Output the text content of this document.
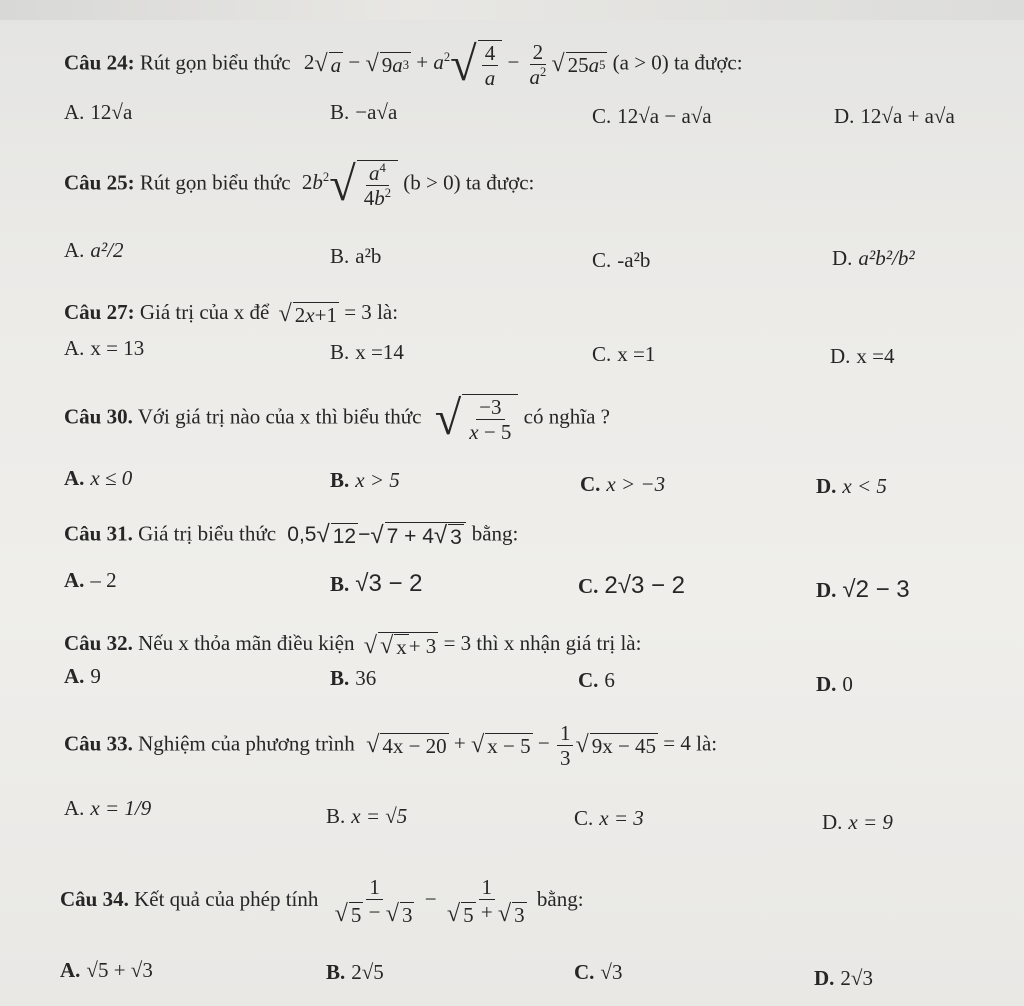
Câu 24: Rút gọn biểu thức 2 √ a − √ 9 a $3 + a^2$ √ $\frac{4}{a} - \frac{2}{a^2}$ √ 25 a 5 (a > 0) ta được:
A. 12√a	B. −a√a	C. 12√a − a√a	D. 12√a + a√a
Câu 25: Rút gọn biểu thức $2b^2$ √ $\frac{a^4}{4b^2} (b > 0)$ ta được:
A. a²/2	B. a²b	C. -a²b	D. a²b²/b²
Câu 27: Giá trị của x để √ 2 x +1 = 3 là:
A. x = 13	B. x =14	C. x =1	D. x =4
Câu 30. Với giá trị nào của x thì biểu thức √ $\frac{-3}{x - 5}$ có nghĩa ?
A. x ≤ 0	B. x > 5	C. x > −3	D. x < 5
Câu 31. Giá trị biểu thức 0,5 √ 12 − √ 7 + 4 √ 3 bằng:
A. – 2	B. √3 − 2	C. 2√3 − 2	D. √2 − 3
Câu 32. Nếu x thỏa mãn điều kiện √ √ x + 3 = 3 thì x nhận giá trị là:
A. 9	B. 36	C. 6	D. 0
Câu 33. Nghiệm của phương trình √ 4x − 20 + √ $x - 5 - \frac{1}{3}$ √ 9x − 45 = 4 là:
A. x = 1/9	B. x = √5	C. x = 3	D. x = 9
Câu 34. Kết quả của phép tính $\frac{1}{√ 5 - √ 3} - \frac{1}{√ 5 + √ 3}$ bằng:
A. √5 + √3	B. 2√5	C. √3	D. 2√3
